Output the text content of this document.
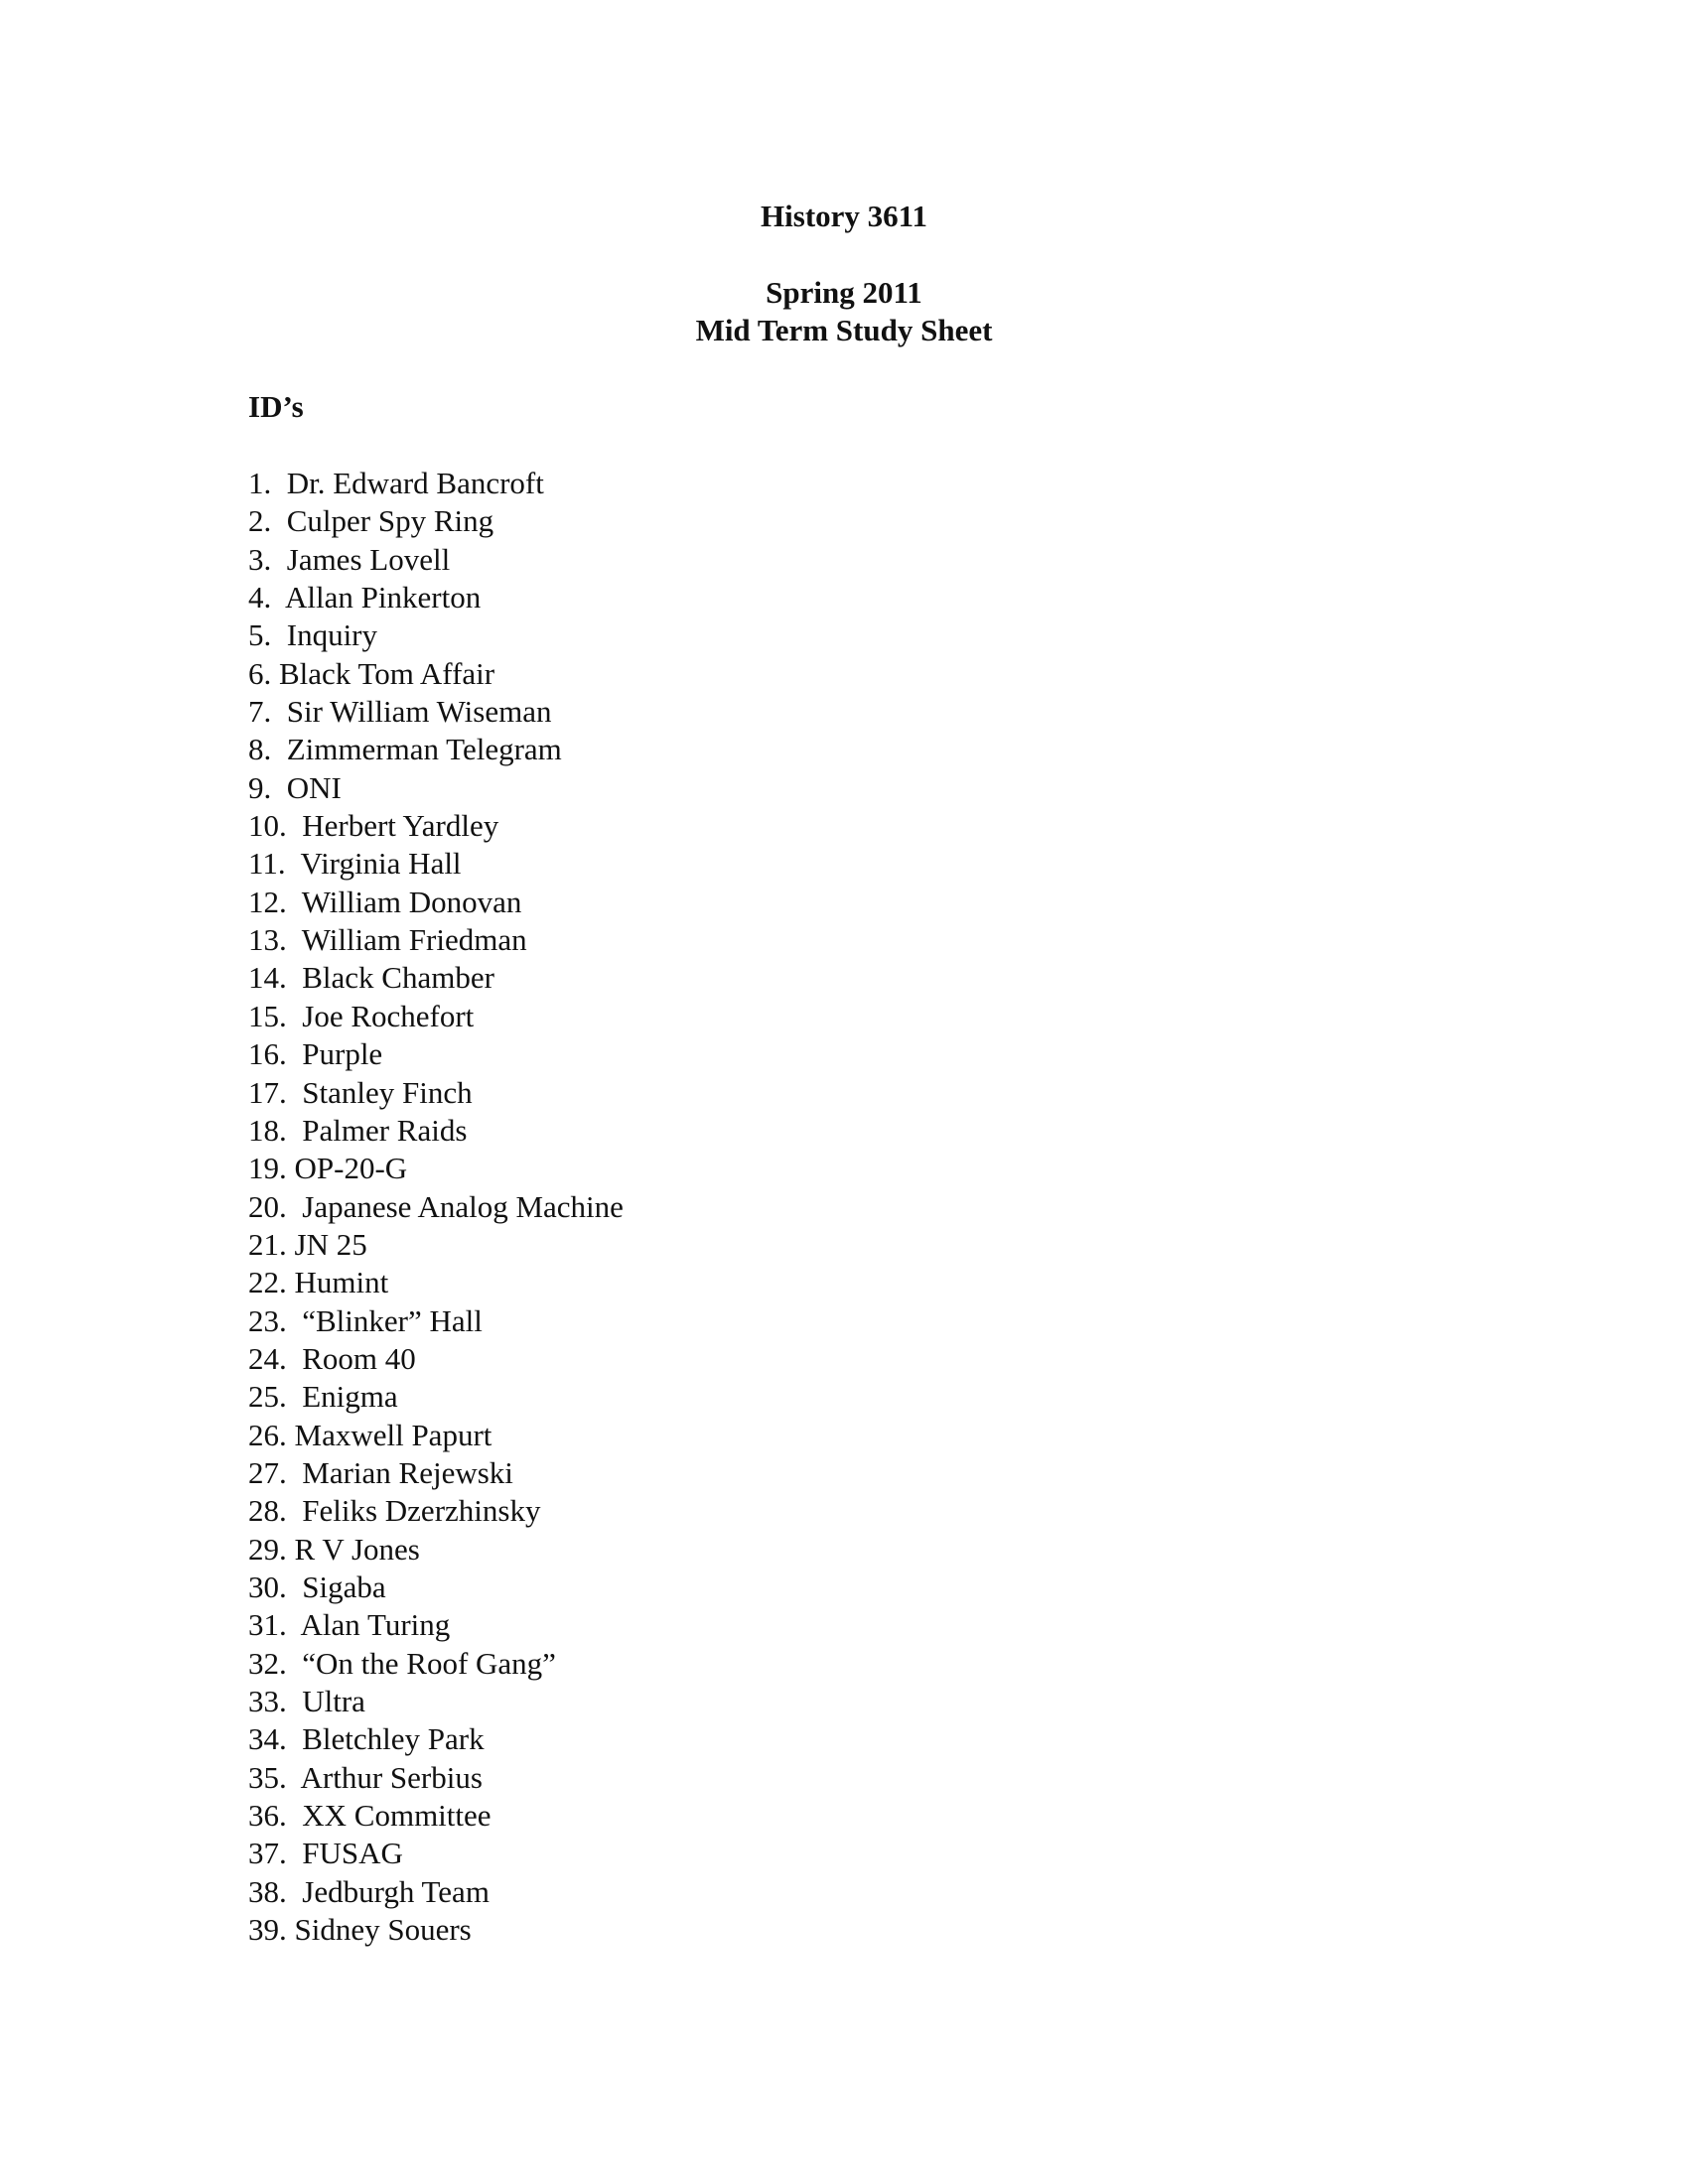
History 3611
Spring 2011
Mid Term Study Sheet
ID’s
1.  Dr. Edward Bancroft
2.  Culper Spy Ring
3.  James Lovell
4.  Allan Pinkerton
5.  Inquiry
6. Black Tom Affair
7.  Sir William Wiseman
8.  Zimmerman Telegram
9.  ONI
10.  Herbert Yardley
11.  Virginia Hall
12.  William Donovan
13.  William Friedman
14.  Black Chamber
15.  Joe Rochefort
16.  Purple
17.  Stanley Finch
18.  Palmer Raids
19. OP-20-G
20.  Japanese Analog Machine
21. JN 25
22. Humint
23.  “Blinker” Hall
24.  Room 40
25.  Enigma
26. Maxwell Papurt
27.  Marian Rejewski
28.  Feliks Dzerzhinsky
29. R V Jones
30.  Sigaba
31.  Alan Turing
32.  “On the Roof Gang”
33.  Ultra
34.  Bletchley Park
35.  Arthur Serbius
36.  XX Committee
37.  FUSAG
38.  Jedburgh Team
39. Sidney Souers
